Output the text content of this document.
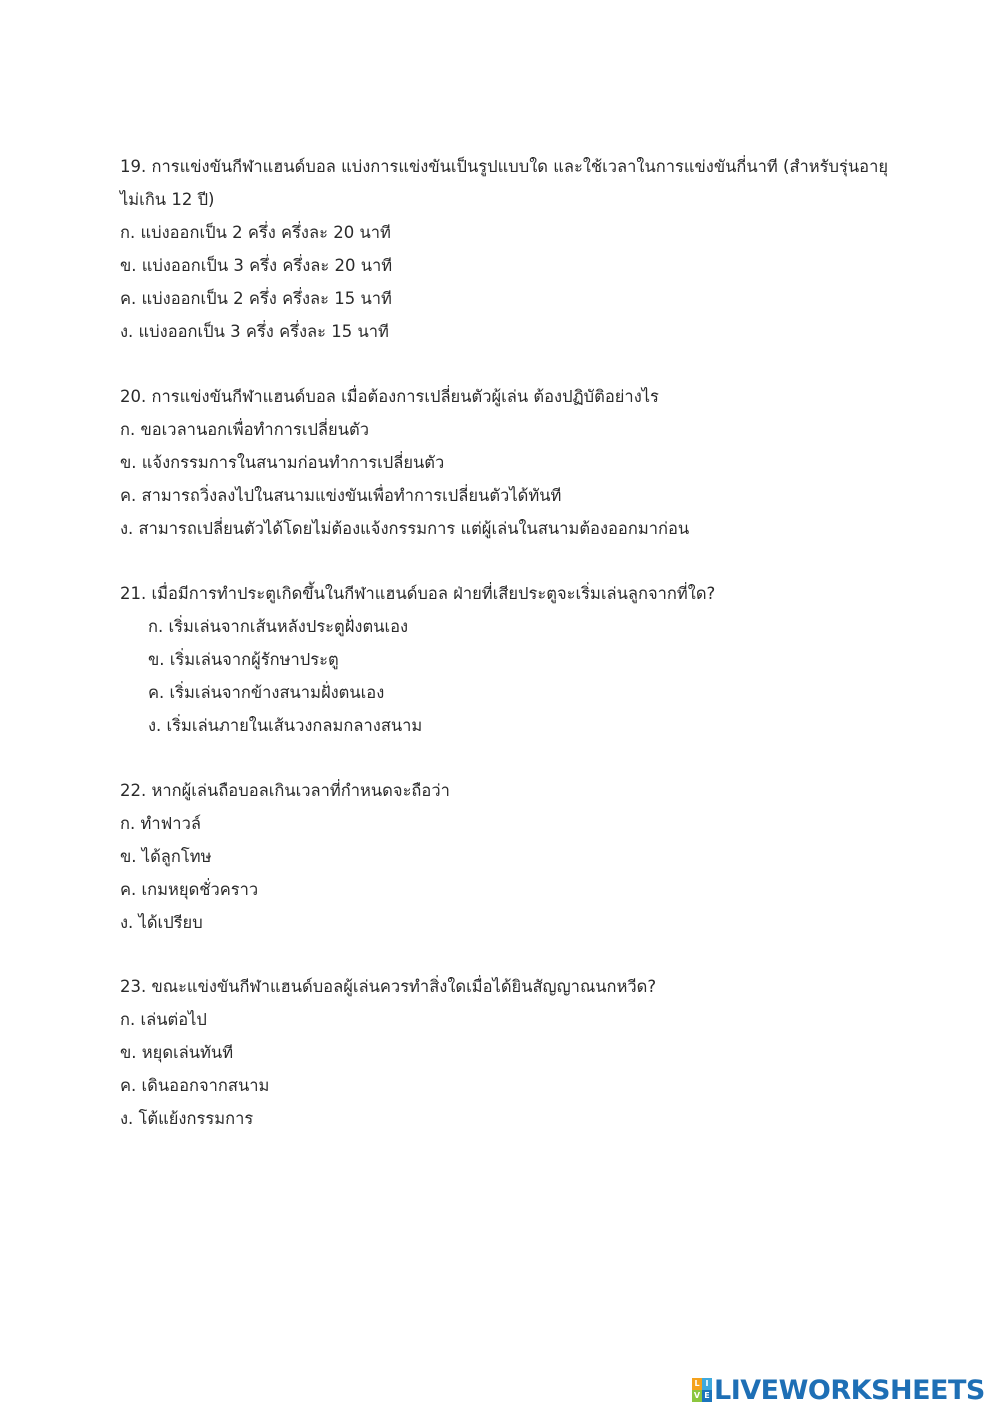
19. การแข่งขันกีฬาแฮนด์บอล แบ่งการแข่งขันเป็นรูปแบบใด และใช้เวลาในการแข่งขันกี่นาที (สำหรับรุ่นอายุ
ไม่เกิน 12 ปี)
ก. แบ่งออกเป็น 2 ครึ่ง ครึ่งละ 20 นาที
ข. แบ่งออกเป็น 3 ครึ่ง ครึ่งละ 20 นาที
ค. แบ่งออกเป็น 2 ครึ่ง ครึ่งละ 15 นาที
ง. แบ่งออกเป็น 3 ครึ่ง ครึ่งละ 15 นาที
20. การแข่งขันกีฬาแฮนด์บอล เมื่อต้องการเปลี่ยนตัวผู้เล่น ต้องปฏิบัติอย่างไร
ก. ขอเวลานอกเพื่อทำการเปลี่ยนตัว
ข. แจ้งกรรมการในสนามก่อนทำการเปลี่ยนตัว
ค. สามารถวิ่งลงไปในสนามแข่งขันเพื่อทำการเปลี่ยนตัวได้ทันที
ง. สามารถเปลี่ยนตัวได้โดยไม่ต้องแจ้งกรรมการ แต่ผู้เล่นในสนามต้องออกมาก่อน
21. เมื่อมีการทำประตูเกิดขึ้นในกีฬาแฮนด์บอล ฝ่ายที่เสียประตูจะเริ่มเล่นลูกจากที่ใด?
ก. เริ่มเล่นจากเส้นหลังประตูฝั่งตนเอง
ข. เริ่มเล่นจากผู้รักษาประตู
ค. เริ่มเล่นจากข้างสนามฝั่งตนเอง
ง. เริ่มเล่นภายในเส้นวงกลมกลางสนาม
22. หากผู้เล่นถือบอลเกินเวลาที่กำหนดจะถือว่า
ก. ทำฟาวล์
ข. ได้ลูกโทษ
ค. เกมหยุดชั่วคราว
ง. ได้เปรียบ
23. ขณะแข่งขันกีฬาแฮนด์บอลผู้เล่นควรทำสิ่งใดเมื่อได้ยินสัญญาณนกหวีด?
ก. เล่นต่อไป
ข. หยุดเล่นทันที
ค. เดินออกจากสนาม
ง. โต้แย้งกรรมการ
L I
V E LIVEWORKSHEETS
